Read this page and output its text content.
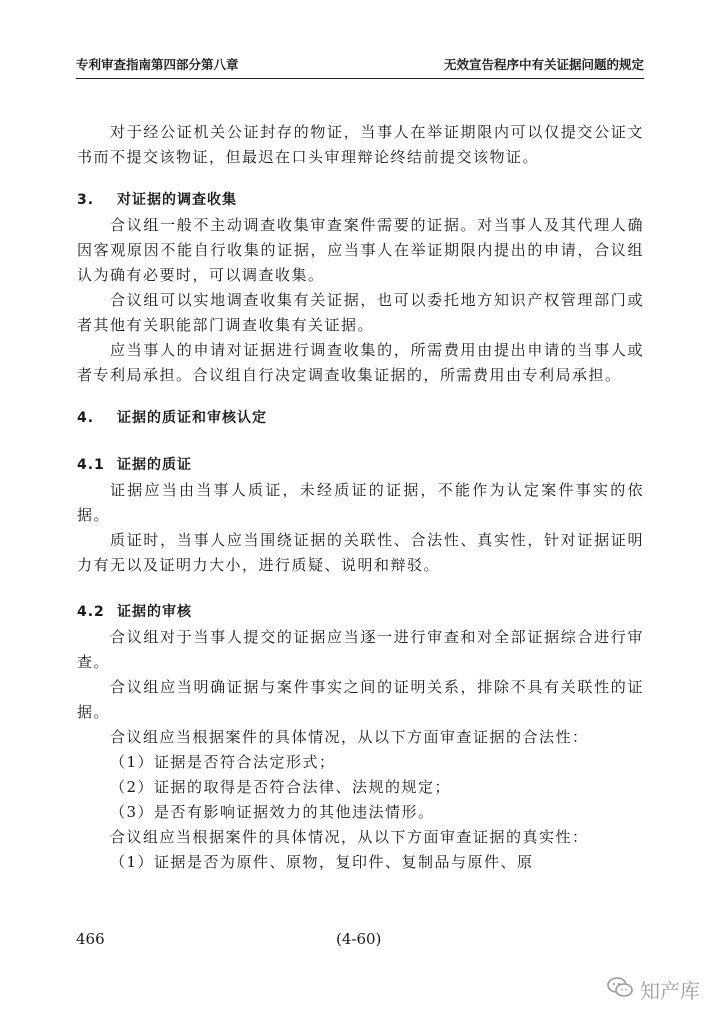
专利审查指南第四部分第八章	无效宣告程序中有关证据问题的规定

对于经公证机关公证封存的物证，当事人在举证期限内可以仅提交公证文书而不提交该物证，但最迟在口头审理辩论终结前提交该物证。

3. 对证据的调查收集

合议组一般不主动调查收集审查案件需要的证据。对当事人及其代理人确因客观原因不能自行收集的证据，应当事人在举证期限内提出的申请，合议组认为确有必要时，可以调查收集。

合议组可以实地调查收集有关证据，也可以委托地方知识产权管理部门或者其他有关职能部门调查收集有关证据。

应当事人的申请对证据进行调查收集的，所需费用由提出申请的当事人或者专利局承担。合议组自行决定调查收集证据的，所需费用由专利局承担。

4. 证据的质证和审核认定
4.1 证据的质证

证据应当由当事人质证，未经质证的证据，不能作为认定案件事实的依据。

质证时，当事人应当围绕证据的关联性、合法性、真实性，针对证据证明力有无以及证明力大小，进行质疑、说明和辩驳。

4.2 证据的审核

合议组对于当事人提交的证据应当逐一进行审查和对全部证据综合进行审查。

合议组应当明确证据与案件事实之间的证明关系，排除不具有关联性的证据。

合议组应当根据案件的具体情况，从以下方面审查证据的合法性：

（1）证据是否符合法定形式；

（2）证据的取得是否符合法律、法规的规定；

（3）是否有影响证据效力的其他违法情形。

合议组应当根据案件的具体情况，从以下方面审查证据的真实性：

（1）证据是否为原件、原物，复印件、复制品与原件、原

466	(4-60)
知产库
